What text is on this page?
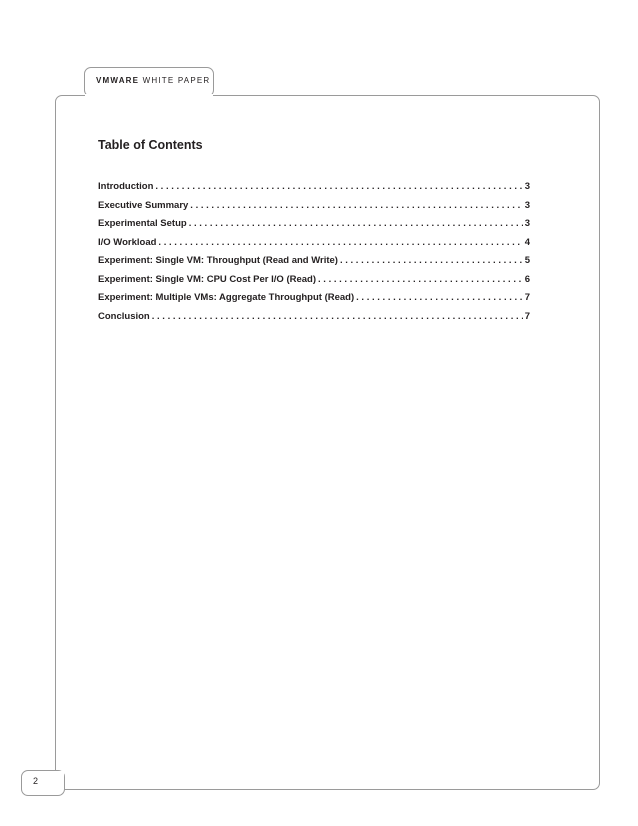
VMWARE WHITE PAPER
Table of Contents
Introduction . . .	3
Executive Summary . . .	3
Experimental Setup . . .	3
I/O Workload . . .	4
Experiment: Single VM: Throughput (Read and Write) . . .	5
Experiment: Single VM: CPU Cost Per I/O (Read) . . .	6
Experiment: Multiple VMs: Aggregate Throughput (Read) . . .	7
Conclusion . . .	7
2
